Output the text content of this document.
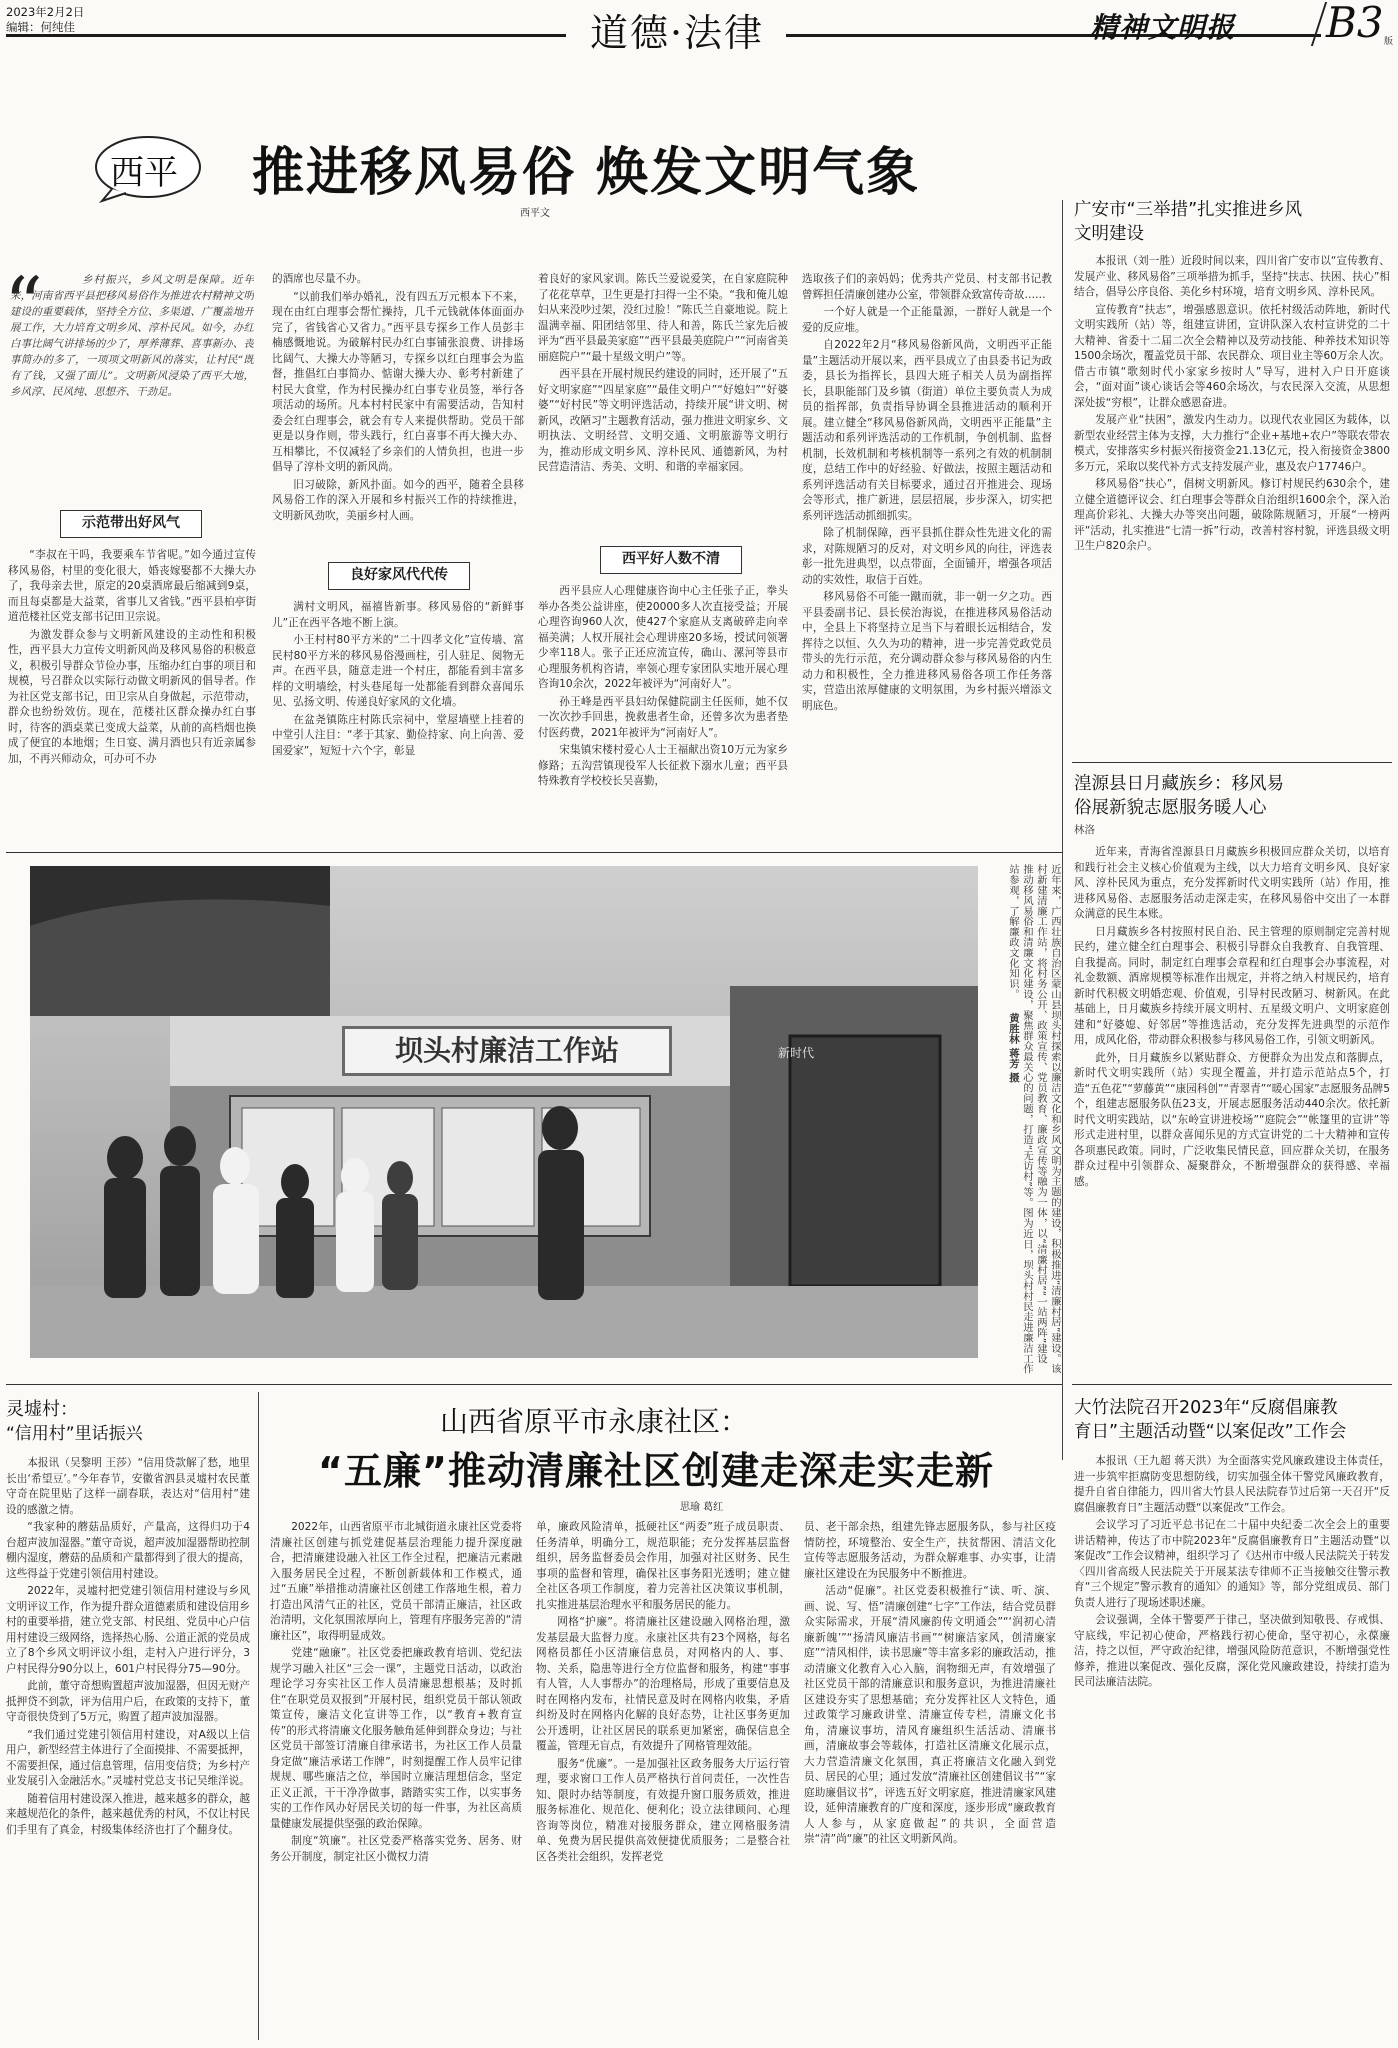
2023年2月2日
编辑：何纯佳	道德·法律	精神文明报 B3 版
西平 推进移风易俗 焕发文明气象
西平文
“	乡村振兴，乡风文明是保障。近年来，河南省西平县把移风易俗作为推进农村精神文明建设的重要载体，坚持全方位、多渠道、广覆盖地开展工作，大力培育文明乡风、淳朴民风。如今，办红白事比阔气讲排场的少了，厚养薄葬、喜事新办、丧事简办的多了，一项项文明新风的落实，让村民“既有了钱，又强了面儿”。文明新风浸染了西平大地，乡风淳、民风纯、思想齐、干劲足。
示范带出好风气

“李叔在干吗，我要乘车节省呢。”如今通过宣传移风易俗，村里的变化很大，婚丧嫁娶都不大操大办了，我母亲去世，原定的20桌酒席最后缩减到9桌，而且每桌都是大益菜，省事儿又省钱。”西平县柏亭街道范楼社区党支部书记田卫宗说。

为激发群众参与文明新风建设的主动性和积极性，西平县大力宣传文明新风尚及移风易俗的积极意义，积极引导群众节俭办事，压缩办红白事的项目和规模，号召群众以实际行动做文明新风的倡导者。作为社区党支部书记，田卫宗从自身做起，示范带动，群众也纷纷效仿。现在，范楼社区群众操办红白事时，待客的酒桌菜已变成大益菜，从前的高档烟也换成了便宜的本地烟；生日宴、满月酒也只有近亲属参加，不再兴师动众，可办可不办

的酒席也尽量不办。

“以前我们举办婚礼，没有四五万元根本下不来，现在由红白理事会帮忙操持，几千元钱就体体面面办完了，省钱省心又省力。”西平县专探乡工作人员彭丰楠感慨地说。为破解村民办红白事铺张浪费、讲排场比阔气、大操大办等陋习，专探乡以红白理事会为监督，推倡红白事简办、惦谢大操大办、彰考村新建了村民大食堂，作为村民操办红白事专业员签，举行各项活动的场所。凡本村村民家中有需要活动，告知村委会红白理事会，就会有专人来提供帮助。党员干部更是以身作则，带头践行，红白喜事不再大操大办、互相攀比，不仅减轻了乡亲们的人情负担，也进一步倡导了淳朴文明的新风尚。

旧习破除，新风扑面。如今的西平，随着全县移风易俗工作的深入开展和乡村振兴工作的持续推进，文明新风劲吹，美丽乡村人画。

良好家风代代传

满村文明风，福禧皆新事。移风易俗的“新鲜事儿”正在西平各地不断上演。

小王村村80平方米的“二十四孝文化”宣传墙、富民村80平方米的移风易俗漫画柱，引人驻足、阅物无声。在西平县，随意走进一个村庄，都能看到丰富多样的文明墙绘，村头巷尾每一处都能看到群众喜闻乐见、弘扬文明、传递良好家风的文化墙。

在盆尧镇陈庄村陈氏宗祠中，堂屋墙壁上挂着的中堂引人注目：“孝于其家、勤俭持家、向上向善、爱国爱家”，短短十六个字，彰显

着良好的家风家训。陈氏兰爱说爱笑，在自家庭院种了花花草草，卫生更是打扫得一尘不染。“我和俺儿媳妇从来没吵过架，没红过脸！”陈氏兰自豪地说。院上温满幸福、阳团结邻里、待人和善，陈氏兰家先后被评为“西平县最美家庭”“西平县最美庭院户”“河南省美丽庭院户”“最十星级文明户”等。

西平县在开展村规民约建设的同时，还开展了“五好文明家庭”“四星家庭”“最佳文明户”“好媳妇”“好婆婆”“好村民”等文明评选活动，持续开展“讲文明、树新风，改陋习”主题教育活动，强力推进文明家乡、文明执法、文明经营、文明交通、文明旅游等文明行为，推动形成文明乡风、淳朴民风、通德新风，为村民营造清洁、秀美、文明、和谐的幸福家园。

西平好人数不清

西平县应人心理健康咨询中心主任张子正，拳头举办各类公益讲座，使20000多人次直接受益；开展心理咨询960人次，使427个家庭从支离破碎走向幸福美满；人权开展社会心理讲座20多场，授试问领署少率118人。张子正还应流宣传，确山、漯河等县市心理服务机构咨请，率领心理专家团队实地开展心理咨询10余次，2022年被评为“河南好人”。

孙王峰是西平县妇幼保健院副主任医师，她不仅一次次抄手回患，挽救患者生命，还曾多次为患者垫付医药费，2021年被评为“河南好人”。

宋集镇宋楼村爱心人士王福献出资10万元为家乡修路；五沟营镇现役军人长征救下溺水儿童；西平县特殊教育学校校长吴喜勤，

选取孩子们的亲妈妈；优秀共产党员、村支部书记教曾辉担任清廉创建办公室，带领群众致富传奇故……

一个好人就是一个正能量源，一群好人就是一个爱的反应堆。

自2022年2月“移风易俗新风尚，文明西平正能量”主题活动开展以来，西平县成立了由县委书记为政委，县长为指挥长，县四大班子相关人员为副指挥长，县职能部门及乡镇（街道）单位主要负责人为成员的指挥部，负责指导协调全县推进活动的顺利开展。建立健全“移风易俗新风尚，文明西平正能量”主题活动和系列评选活动的工作机制，争创机制、监督机制，长效机制和考核机制等一系列之有效的机制制度，总结工作中的好经验、好做法，按照主题活动和系列评选活动有关目标要求，通过召开推进会、现场会等形式，推广新进，层层招展，步步深入，切实把系列评选活动抓细抓实。

除了机制保障，西平县抓住群众性先进文化的需求，对陈规陋习的反对，对文明乡风的向往，评选表彰一批先进典型，以点带面，全面铺开，增强各项活动的实效性，取信于百姓。

移风易俗不可能一蹴而就，非一朝一夕之功。西平县委副书记、县长侯治海说，在推进移风易俗活动中，全县上下将坚持立足当下与着眼长远相结合，发挥待之以恒、久久为功的精神，进一步完善党政党员带头的先行示范，充分调动群众参与移风易俗的内生动力和积极性，全力推进移风易俗各项工作任务落实，营造出浓厚健康的文明氛围，为乡村振兴增添文明底色。

广安市“三举措”扎实推进乡风文明建设

本报讯（刘一胜）近段时间以来，四川省广安市以“宣传教育、发展产业、移风易俗”三项举措为抓手，坚持“扶志、扶困、扶心”相结合，倡导公序良俗、美化乡村环境，培育文明乡风、淳朴民风。

宣传教育“扶志”，增强感恩意识。依托村级活动阵地，新时代文明实践所（站）等，组建宣讲团，宣讲队深入农村宣讲党的二十大精神、省委十二届二次全会精神以及劳动技能、种养技术知识等1500余场次，覆盖党员干部、农民群众、项目业主等60万余人次。借古市镇“歌刻时代小家家乡按时人”导写，进村入户日开庭谈会，“面对面”谈心谈话会等460余场次，与农民深入交流，从思想深处拔“穷根”，让群众感恩奋进。

发展产业“扶困”，激发内生动力。以现代农业园区为载体，以新型农业经营主体为支撑，大力推行“企业+基地+农户”等联农带农模式，安排落实乡村振兴衔接资金21.13亿元，投入衔接资金3800多万元，采取以奖代补方式支持发展产业，惠及农户17746户。

移风易俗“扶心”，倡树文明新风。修订村规民约630余个，建立健全道德评议会、红白理事会等群众自治组织1600余个，深入治理高价彩礼、大操大办等突出问题，破除陈规陋习，开展“一榜两评”活动，扎实推进“七清一拆”行动，改善村容村貌，评选县级文明卫生户820余户。

湟源县日月藏族乡：移风易俗展新貌志愿服务暖人心
林洛

近年来，青海省湟源县日月藏族乡积极回应群众关切，以培育和践行社会主义核心价值观为主线，以大力培育文明乡风、良好家风、淳朴民风为重点，充分发挥新时代文明实践所（站）作用，推进移风易俗、志愿服务活动走深走实，在移风易俗中交出了一本群众满意的民生本账。

日月藏族乡各村按照村民自治、民主管理的原则制定完善村规民约，建立健全红白理事会、积极引导群众自我教育、自我管理、自我提高。同时，制定红白理事会章程和红白理事会办事流程，对礼金数额、酒席规模等标准作出规定，并将之纳入村规民约，培育新时代积极文明婚恋观、价值观，引导村民改陋习、树新风。在此基础上，日月藏族乡持续开展文明村、五星级文明户、文明家庭创建和“好婆媳、好邻居”等推选活动，充分发挥先进典型的示范作用，成风化俗，带动群众积极参与移风易俗工作，引领文明新风。

此外，日月藏族乡以紧贴群众、方便群众为出发点和落脚点，新时代文明实践所（站）实现全覆盖，并打造示范站点5个，打造“五色花”“萝藤黄”“康园科创”“青翠青”“暖心国家”志愿服务品牌5个，组建志愿服务队伍23支，开展志愿服务活动440余次。依托新时代文明实践站，以“东岭宣讲进校场”“庭院会”“帐篷里的宣讲”等形式走进村里，以群众喜闻乐见的方式宣讲党的二十大精神和宣传各项惠民政策。同时，广泛收集民情民意，回应群众关切，在服务群众过程中引领群众、凝聚群众，不断增强群众的获得感、幸福感。

坝头村廉洁工作站	新时代	近年来，广西壮族自治区蒙山县坝头村探索以廉洁文化和乡风文明为主题的建设，积极推进“清廉村居”建设。该村新建清廉工作站，将村务公开、政策宣传、党员教育、廉政宣传等融为一体，以“清廉村居”“一站两阵”建设推动移风易俗和清廉文化建设，聚焦群众最关心的问题，打造“无访村”等。图为近日，坝头村村民走进廉洁工作站参观，了解廉政文化知识。 黄胜林 蒋芳 摄
灵墟村：
“信用村”里话振兴

本报讯（吴黎明 王莎）“信用贷款解了愁，地里长出‘希望豆’。”今年春节，安徽省泗县灵墟村农民董守奇在院里贴了这样一副春联，表达对“信用村”建设的感激之情。

“我家种的蘑菇品质好，产量高，这得归功于4台超声波加湿器。”董守奇说，超声波加湿器帮助控制棚内湿度，蘑菇的品质和产量都得到了很大的提高，这些得益于党建引领信用村建设。

2022年，灵墟村把党建引领信用村建设与乡风文明评议工作，作为提升群众道德素质和建设信用乡村的重要举措，建立党支部、村民组、党员中心户信用村建设三级网络，选择热心肠、公道正派的党员成立了8个乡风文明评议小组，走村入户进行评分，3户村民得分90分以上，601户村民得分75—90分。

此前，董守奇想购置超声波加湿器，但因无财产抵押贷不到款，评为信用户后，在政策的支持下，董守奇很快贷到了5万元，购置了超声波加湿器。

“我们通过党建引领信用村建设，对A级以上信用户，新型经营主体进行了全面摸排、不需要抵押，不需要担保，通过信息管理，信用变信贷；为乡村产业发展引入金融活水。”灵墟村党总支书记吴维洋说。

随着信用村建设深入推进，越来越多的群众，越来越规范化的条件，越来越优秀的村风，不仅让村民们手里有了真金，村级集体经济也打了个翻身仗。

山西省原平市永康社区：
“五廉”推动清廉社区创建走深走实走新
思瑜 葛红

2022年，山西省原平市北城街道永康社区党委将清廉社区创建与抓党建促基层治理能力提升深度融合，把清廉建设融入社区工作全过程，把廉洁元素融入服务居民全过程，不断创新载体和工作模式，通过“五廉”举措推动清廉社区创建工作落地生根，着力打造出风清气正的社区，党员干部清正廉洁，社区政治清明，文化氛围浓厚向上，管理有序服务完善的“清廉社区”，取得明显成效。

党建“融廉”。社区党委把廉政教育培训、党纪法规学习融入社区“三会一课”，主题党日活动，以政治理论学习夯实社区工作人员清廉思想根基；及时抓住“在职党员双报到”开展村民，组织党员干部认领政策宣传，廉洁文化宣讲等工作，以“教育+教育宣传”的形式将清廉文化服务触角延伸到群众身边；与社区党员干部签订清廉自律承诺书，为社区工作人员量身定做“廉洁承诺工作牌”，时刻提醒工作人员牢记律规规、哪些廉洁之位，举国时立廉洁理想信念，坚定正义正派，干干净净做事，踏踏实实工作，以实事务实的工作作风办好居民关切的每一件事，为社区高质量健康发展提供坚强的政治保障。

制度“筑廉”。社区党委严格落实党务、居务、财务公开制度，制定社区小微权力清

单，廉政风险清单，抵硬社区“两委”班子成员职责、任务清单，明确分工，规范职能；充分发挥基层监督组织，居务监督委员会作用，加强对社区财务、民生事项的监督和管理，确保社区事务阳光透明；建立健全社区各项工作制度，着力完善社区决策议事机制，扎实推进基层治理水平和服务居民的能力。

网格“护廉”。将清廉社区建设融入网格治理，激发基层最大监督力度。永康社区共有23个网格，每名网格员都任小区清廉信息员，对网格内的人、事、物、关系，隐患等进行全方位监督和服务，构建“事事有人管，人人事帮办”的治理格局，形成了重要信息及时在网格内发布，社情民意及时在网格内收集，矛盾纠纷及时在网格内化解的良好态势，让社区事务更加公开透明，让社区居民的联系更加紧密，确保信息全覆盖，管理无盲点，有效提升了网格管理效能。

服务“优廉”。一是加强社区政务服务大厅运行管理，要求窗口工作人员严格执行首问责任，一次性告知、限时办结等制度，有效提升窗口服务质效，推进服务标准化、规范化、便利化；设立法律顾问、心理咨询等岗位，精准对接服务群众，建立网格服务清单、免费为居民提供高效便捷优质服务；二是整合社区各类社会组织，发挥老党

员、老干部余热，组建先锋志愿服务队，参与社区疫情防控，环境整治、安全生产，扶贫帮困、清洁文化宣传等志愿服务活动，为群众解难事、办实事，让清廉社区建设在为民服务中不断推进。

活动“促廉”。社区党委积极推行“读、听、演、画、说、写、悟”清廉创建“七字”工作法，结合党员群众实际需求，开展“清风廉韵传文明通会”“‘润初心清廉新魄’”“扬清风廉洁书画”“树廉洁家风，创清廉家庭”“清风相伴，读书思廉”等丰富多彩的廉政活动，推动清廉文化教育入心入脑，润物细无声，有效增强了社区党员干部的清廉意识和服务意识，为推进清廉社区建设夯实了思想基础；充分发挥社区人文特色，通过政策学习廉政讲堂、清廉宣传专栏，清廉文化书角，清廉议事坊，清风育廉组织生活活动、清廉书画，清廉故事会等载体，打造社区清廉文化展示点，大力营造清廉文化氛围，真正将廉洁文化融入到党员、居民的心里；通过发放“清廉社区创建倡议书”“家庭助廉倡议书”，评选五好文明家庭，推进清廉家风建设，延伸清廉教育的广度和深度，逐步形成“廉政教育人人参与，从家庭做起”的共识，全面营造崇“清”尚“廉”的社区文明新风尚。

大竹法院召开2023年“反腐倡廉教育日”主题活动暨“以案促改”工作会

本报讯（王九超 蒋天洪）为全面落实党风廉政建设主体责任，进一步筑牢拒腐防变思想防线，切实加强全体干警党风廉政教育，提升自省自律能力，四川省大竹县人民法院春节过后第一天召开“反腐倡廉教育日”主题活动暨“以案促改”工作会。

会议学习了习近平总书记在二十届中央纪委二次全会上的重要讲话精神，传达了市中院2023年“反腐倡廉教育日”主题活动暨“以案促改”工作会议精神，组织学习了《达州市中级人民法院关于转发〈四川省高级人民法院关于开展某法专律师不正当接触交往警示教育“三个规定”警示教育的通知〉的通知》等，部分党组成员、部门负责人进行了现场述职述廉。

会议强调，全体干警要严于律己，坚决做到知敬畏、存戒惧、守底线，牢记初心使命，严格践行初心使命，坚守初心，永葆廉洁，持之以恒，严守政治纪律，增强风险防范意识，不断增强党性修养，推进以案促改、强化反腐，深化党风廉政建设，持续打造为民司法廉洁法院。
